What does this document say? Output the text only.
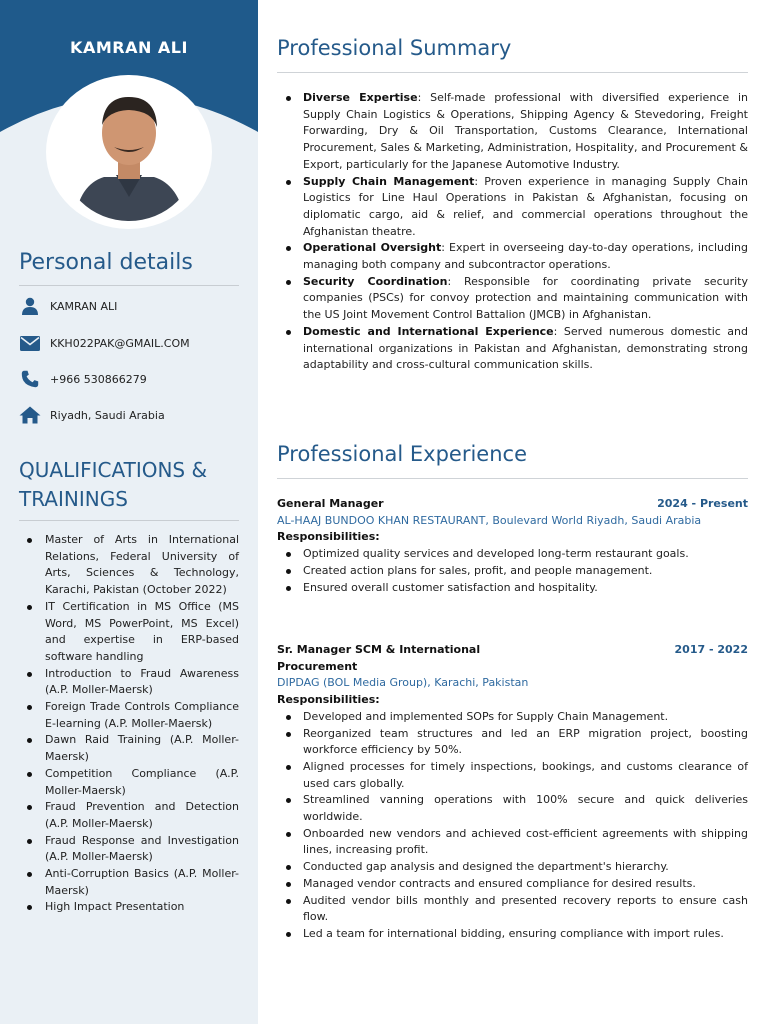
KAMRAN ALI
Personal details
KAMRAN ALI
KKH022PAK@GMAIL.COM
+966 530866279
Riyadh, Saudi Arabia
QUALIFICATIONS &
TRAININGS
Master of Arts in International Relations, Federal University of Arts, Sciences & Technology, Karachi, Pakistan (October 2022)
IT Certification in MS Office (MS Word, MS PowerPoint, MS Excel) and expertise in ERP-based software handling
Introduction to Fraud Awareness (A.P. Moller-Maersk)
Foreign Trade Controls Compliance E-learning (A.P. Moller-Maersk)
Dawn Raid Training (A.P. Moller-Maersk)
Competition Compliance (A.P. Moller-Maersk)
Fraud Prevention and Detection (A.P. Moller-Maersk)
Fraud Response and Investigation (A.P. Moller-Maersk)
Anti-Corruption Basics (A.P. Moller-Maersk)
High Impact Presentation
Professional Summary
Diverse Expertise: Self-made professional with diversified experience in Supply Chain Logistics & Operations, Shipping Agency & Stevedoring, Freight Forwarding, Dry & Oil Transportation, Customs Clearance, International Procurement, Sales & Marketing, Administration, Hospitality, and Procurement & Export, particularly for the Japanese Automotive Industry.
Supply Chain Management: Proven experience in managing Supply Chain Logistics for Line Haul Operations in Pakistan & Afghanistan, focusing on diplomatic cargo, aid & relief, and commercial operations throughout the Afghanistan theatre.
Operational Oversight: Expert in overseeing day-to-day operations, including managing both company and subcontractor operations.
Security Coordination: Responsible for coordinating private security companies (PSCs) for convoy protection and maintaining communication with the US Joint Movement Control Battalion (JMCB) in Afghanistan.
Domestic and International Experience: Served numerous domestic and international organizations in Pakistan and Afghanistan, demonstrating strong adaptability and cross-cultural communication skills.
Professional Experience
General Manager	2024 - Present
AL-HAAJ BUNDOO KHAN RESTAURANT, Boulevard World Riyadh, Saudi Arabia
Responsibilities:
Optimized quality services and developed long-term restaurant goals.
Created action plans for sales, profit, and people management.
Ensured overall customer satisfaction and hospitality.
Sr. Manager SCM & International Procurement
2017 - 2022
DIPDAG (BOL Media Group), Karachi, Pakistan
Responsibilities:
Developed and implemented SOPs for Supply Chain Management.
Reorganized team structures and led an ERP migration project, boosting workforce efficiency by 50%.
Aligned processes for timely inspections, bookings, and customs clearance of used cars globally.
Streamlined vanning operations with 100% secure and quick deliveries worldwide.
Onboarded new vendors and achieved cost-efficient agreements with shipping lines, increasing profit.
Conducted gap analysis and designed the department's hierarchy.
Managed vendor contracts and ensured compliance for desired results.
Audited vendor bills monthly and presented recovery reports to ensure cash flow.
Led a team for international bidding, ensuring compliance with import rules.
